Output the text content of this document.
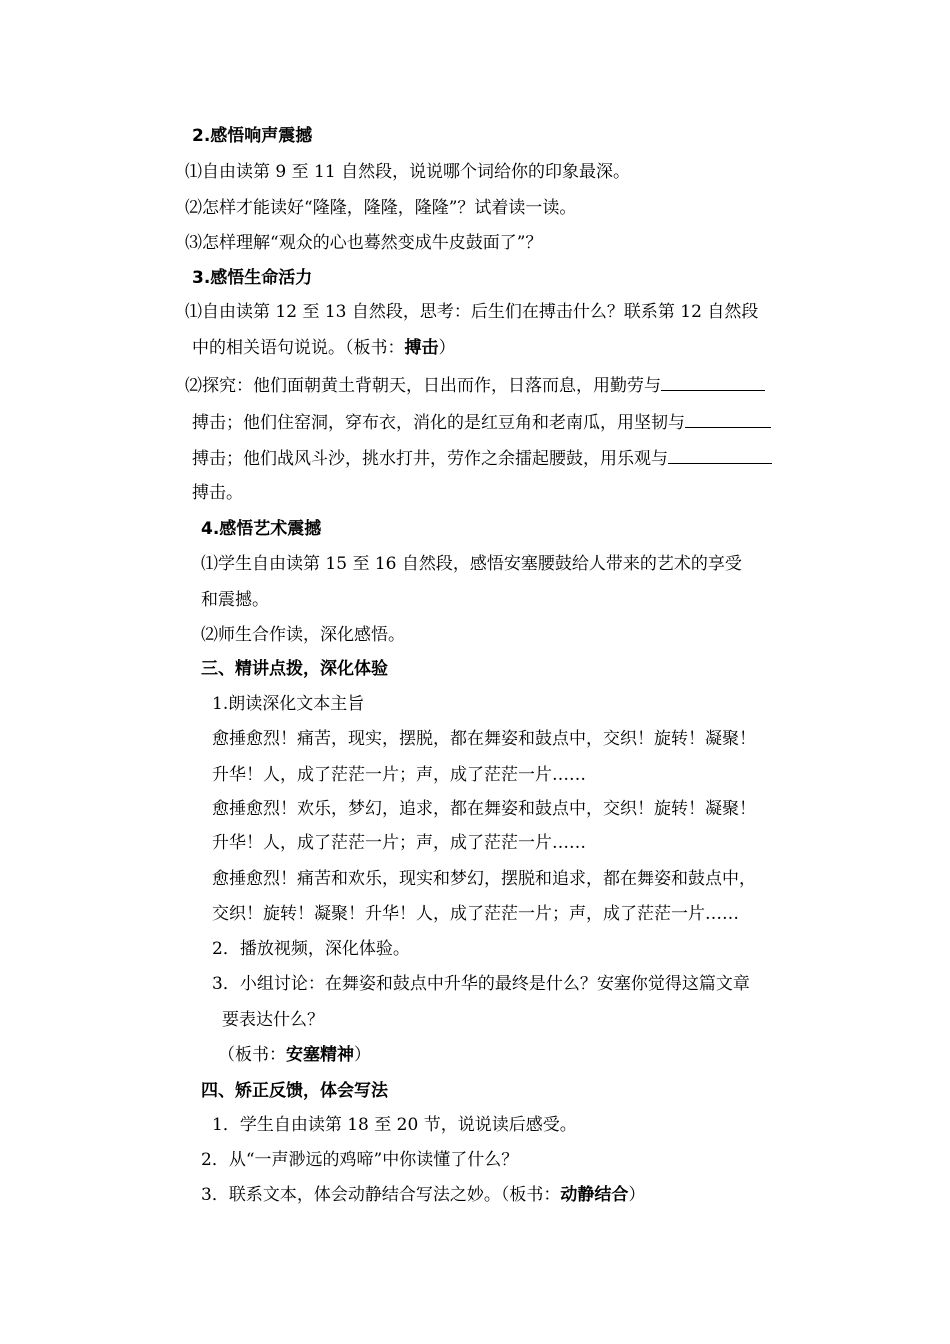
2.感悟响声震撼
⑴自由读第 9 至 11 自然段，说说哪个词给你的印象最深。
⑵怎样才能读好“隆隆，隆隆，隆隆”？试着读一读。
⑶怎样理解“观众的心也蓦然变成牛皮鼓面了”？
3.感悟生命活力
⑴自由读第 12 至 13 自然段，思考：后生们在搏击什么？联系第 12 自然段
中的相关语句说说。（板书：搏击）
⑵探究：他们面朝黄土背朝天，日出而作，日落而息，用勤劳与
搏击；他们住窑洞，穿布衣，消化的是红豆角和老南瓜，用坚韧与
搏击；他们战风斗沙，挑水打井，劳作之余擂起腰鼓，用乐观与
搏击。
4.感悟艺术震撼
⑴学生自由读第 15 至 16 自然段，感悟安塞腰鼓给人带来的艺术的享受
和震撼。
⑵师生合作读，深化感悟。
三、精讲点拨，深化体验
1.朗读深化文本主旨
愈捶愈烈！痛苦，现实，摆脱，都在舞姿和鼓点中，交织！旋转！凝聚！
升华！人，成了茫茫一片；声，成了茫茫一片……
愈捶愈烈！欢乐，梦幻，追求，都在舞姿和鼓点中，交织！旋转！凝聚！
升华！人，成了茫茫一片；声，成了茫茫一片……
愈捶愈烈！痛苦和欢乐，现实和梦幻，摆脱和追求，都在舞姿和鼓点中，
交织！旋转！凝聚！升华！人，成了茫茫一片；声，成了茫茫一片……
2．播放视频，深化体验。
3．小组讨论：在舞姿和鼓点中升华的最终是什么？安塞你觉得这篇文章
要表达什么？
（板书：安塞精神）
四、矫正反馈，体会写法
1．学生自由读第 18 至 20 节，说说读后感受。
2．从“一声渺远的鸡啼”中你读懂了什么？
3．联系文本，体会动静结合写法之妙。（板书：动静结合）
